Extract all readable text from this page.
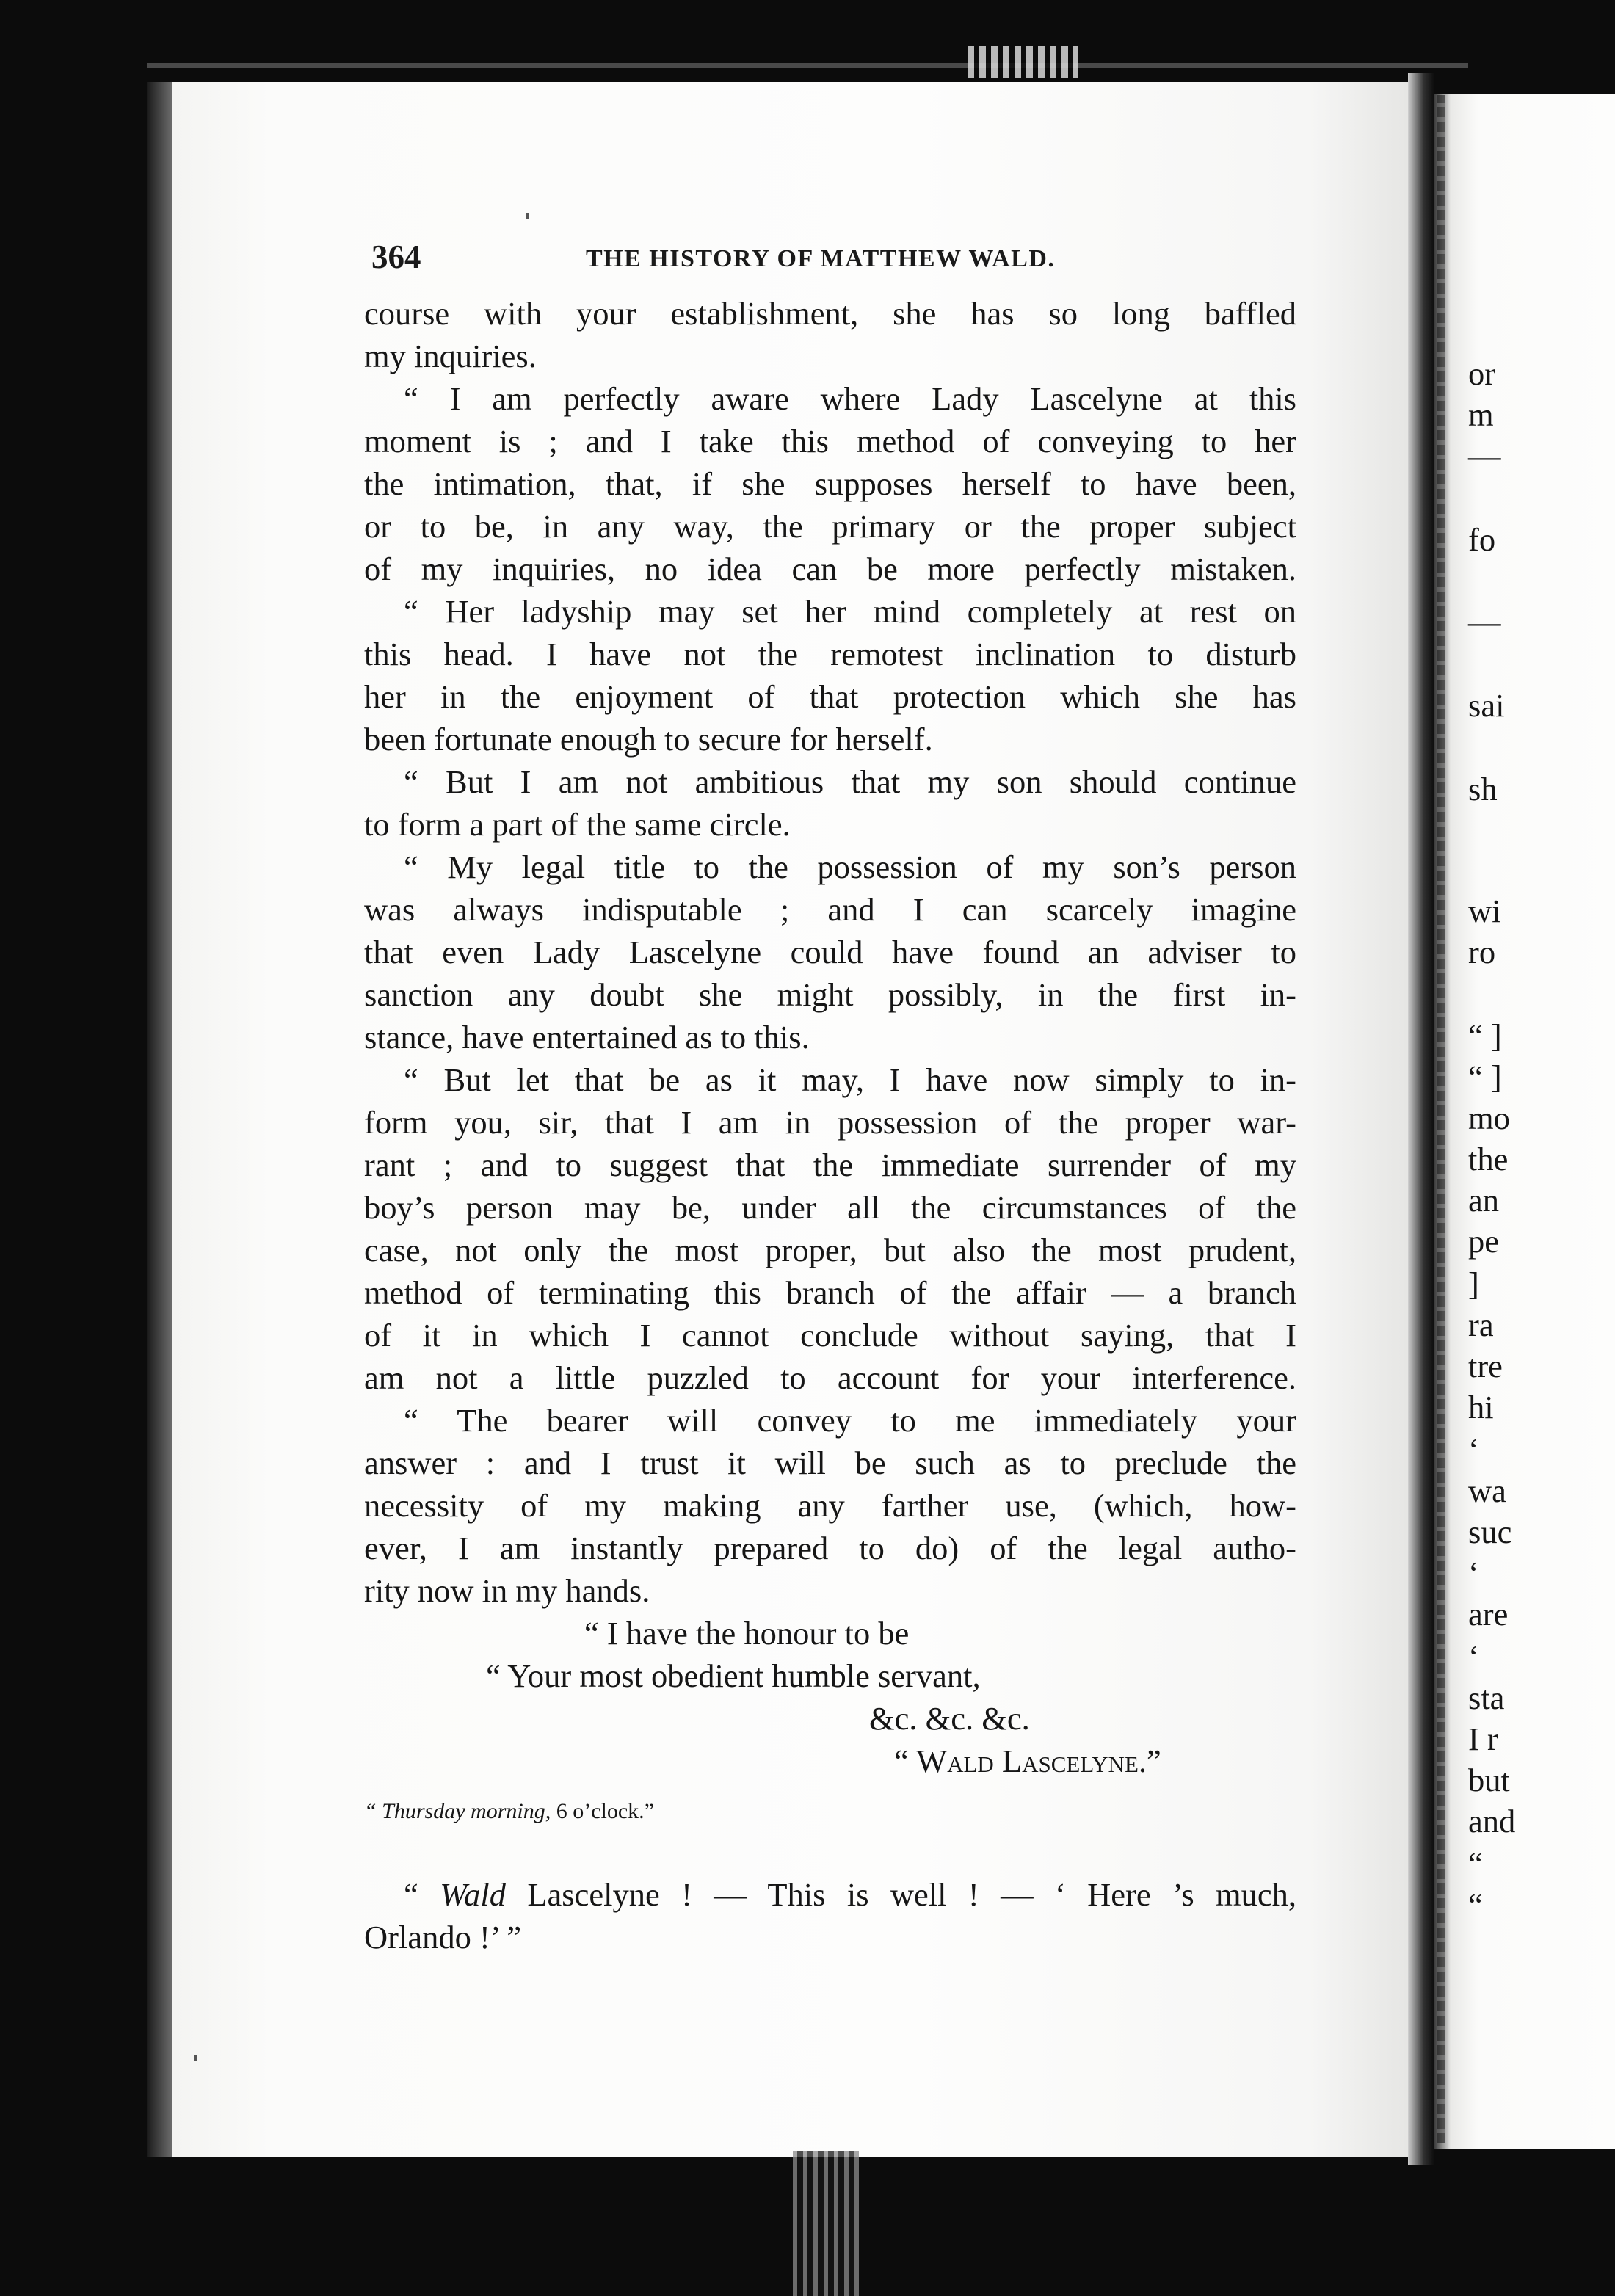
364	THE HISTORY OF MATTHEW WALD.
course with your establishment, she has so long baffled
my inquiries.
“ I am perfectly aware where Lady Lascelyne at this
moment is ; and I take this method of conveying to her
the intimation, that, if she supposes herself to have been,
or to be, in any way, the primary or the proper subject
of my inquiries, no idea can be more perfectly mistaken.
“ Her ladyship may set her mind completely at rest on
this head. I have not the remotest inclination to disturb
her in the enjoyment of that protection which she has
been fortunate enough to secure for herself.
“ But I am not ambitious that my son should continue
to form a part of the same circle.
“ My legal title to the possession of my son’s person
was always indisputable ; and I can scarcely imagine
that even Lady Lascelyne could have found an adviser to
sanction any doubt she might possibly, in the first in-
stance, have entertained as to this.
“ But let that be as it may, I have now simply to in-
form you, sir, that I am in possession of the proper war-
rant ; and to suggest that the immediate surrender of my
boy’s person may be, under all the circumstances of the
case, not only the most proper, but also the most prudent,
method of terminating this branch of the affair — a branch
of it in which I cannot conclude without saying, that I
am not a little puzzled to account for your interference.
“ The bearer will convey to me immediately your
answer : and I trust it will be such as to preclude the
necessity of my making any farther use, (which, how-
ever, I am instantly prepared to do) of the legal autho-
rity now in my hands.
“ I have the honour to be
“ Your most obedient humble servant,
&c. &c. &c.
“ Wald Lascelyne.”
“ Thursday morning, 6 o’clock.”
“ Wald Lascelyne ! — This is well ! — ‘ Here ’s much,
Orlando !’ ”
or
m
—
fo
—
sai
sh
wi
ro
“ ]
“ ]
mo
the
an
pe
]
ra
tre
hi
‘
wa
suc
‘
are
‘
sta
I r
but
and
“
“
